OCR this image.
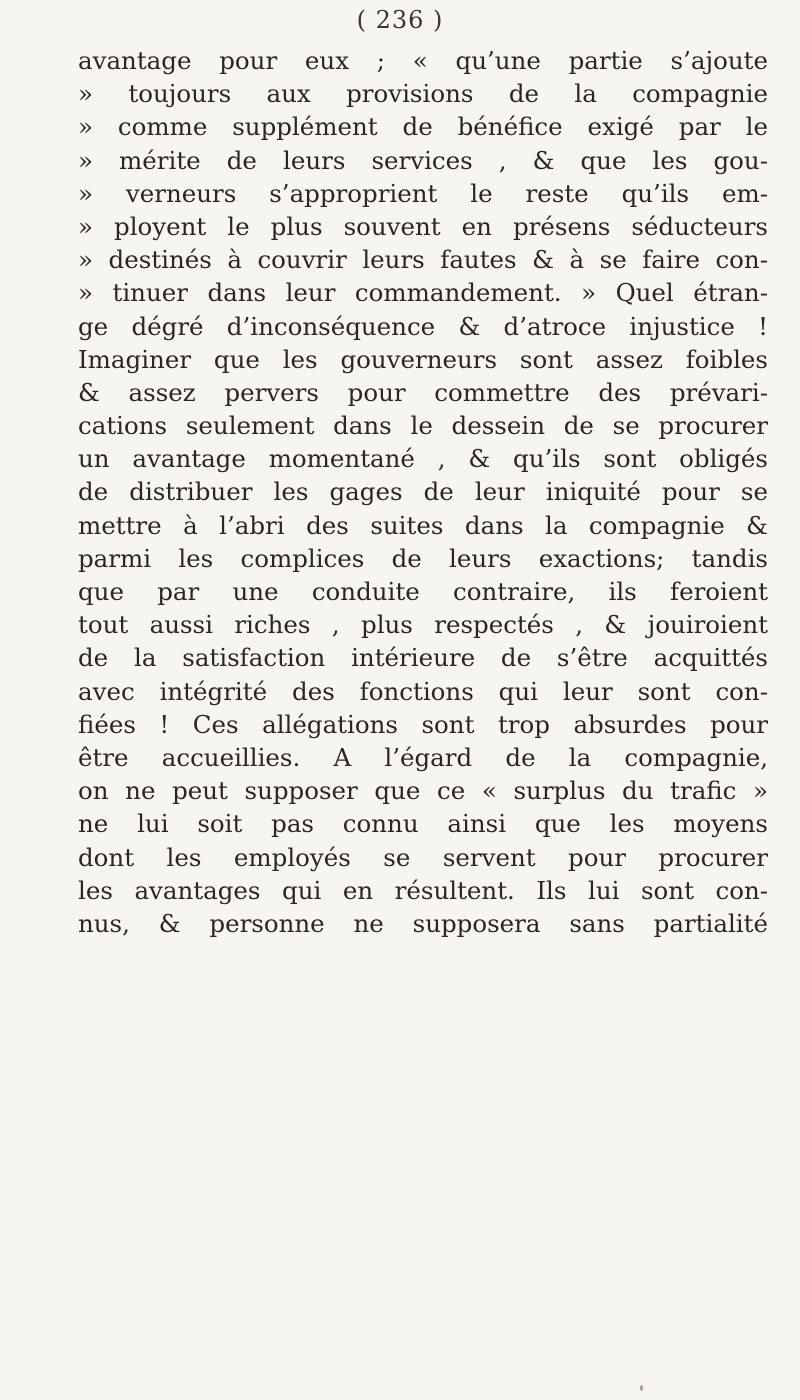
( 236 )
avantage pour eux ; « qu’une partie s’ajoute
» toujours aux provisions de la compagnie
» comme supplément de bénéfice exigé par le
» mérite de leurs services , & que les gou-
» verneurs s’approprient le reste qu’ils em-
» ployent le plus souvent en présens séducteurs
» destinés à couvrir leurs fautes & à se faire con-
» tinuer dans leur commandement. » Quel étran-
ge dégré d’inconséquence & d’atroce injustice !
Imaginer que les gouverneurs sont assez foibles
& assez pervers pour commettre des prévari-
cations seulement dans le dessein de se procurer
un avantage momentané , & qu’ils sont obligés
de distribuer les gages de leur iniquité pour se
mettre à l’abri des suites dans la compagnie &
parmi les complices de leurs exactions; tandis
que par une conduite contraire, ils feroient
tout aussi riches , plus respectés , & jouiroient
de la satisfaction intérieure de s’être acquittés
avec intégrité des fonctions qui leur sont con-
fiées ! Ces allégations sont trop absurdes pour
être accueillies. A l’égard de la compagnie,
on ne peut supposer que ce « surplus du trafic »
ne lui soit pas connu ainsi que les moyens
dont les employés se servent pour procurer
les avantages qui en résultent. Ils lui sont con-
nus, & personne ne supposera sans partialité
